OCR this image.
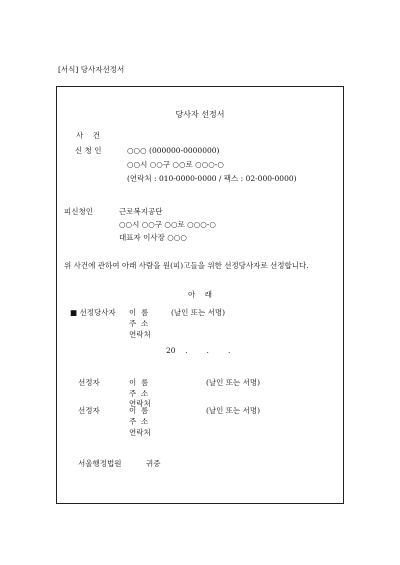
[서식] 당사자선정서
당사자 선정서
사    건
신 청 인	○○○ (000000-0000000)
○○시 ○○구 ○○로 ○○○-○
(연락처 : 010-0000-0000 / 팩스 : 02-000-0000)
피신청인	근로복지공단
○○시 ○○구 ○○로 ○○○-○
대표자 이사장 ○○○
위 사건에 관하여 아래 사람을 원(피)고들을 위한 선정당사자로 선정합니다.
아    래
■ 선정당사자 이  름	(날인 또는 서명)
주  소
연락처
20    .        .        .
선정자	이  름	(날인 또는 서명)
주  소
연락처
선정자	이  름	(날인 또는 서명)
주  소
연락처
서울행정법원	귀중
